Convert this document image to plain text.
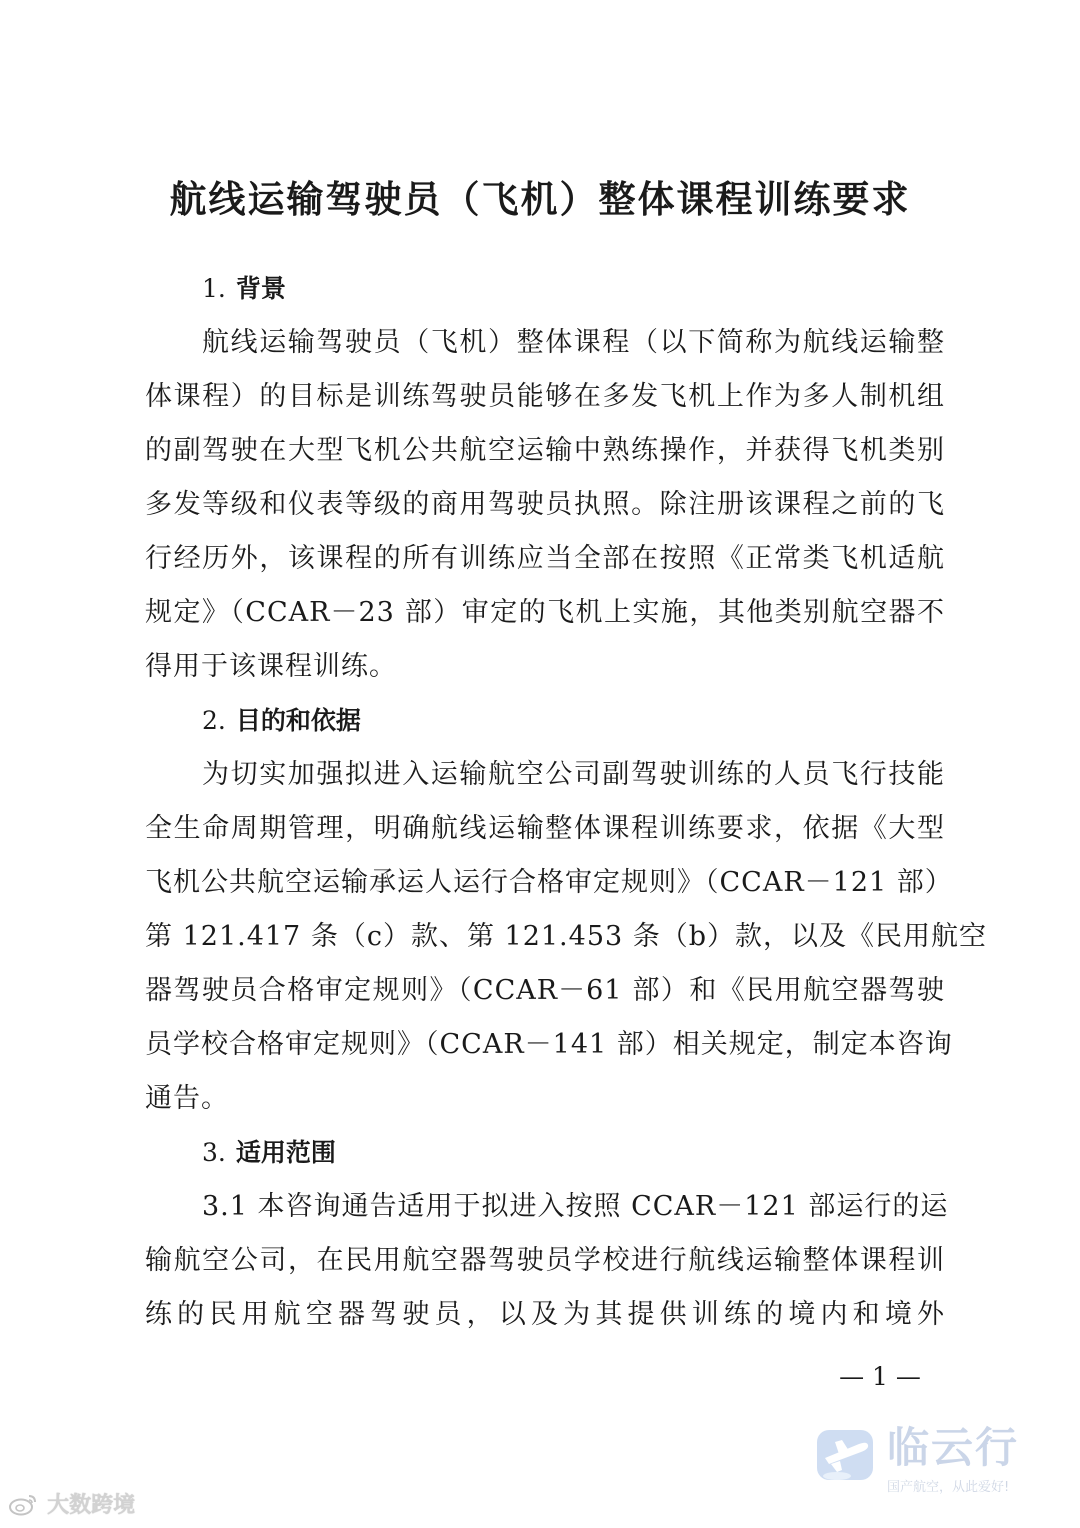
航线运输驾驶员（飞机）整体课程训练要求
1. 背景
航线运输驾驶员（飞机）整体课程（以下简称为航线运输整
体课程）的目标是训练驾驶员能够在多发飞机上作为多人制机组
的副驾驶在大型飞机公共航空运输中熟练操作，并获得飞机类别
多发等级和仪表等级的商用驾驶员执照。除注册该课程之前的飞
行经历外，该课程的所有训练应当全部在按照《正常类飞机适航
规定》（CCAR－23 部）审定的飞机上实施，其他类别航空器不
得用于该课程训练。
2. 目的和依据
为切实加强拟进入运输航空公司副驾驶训练的人员飞行技能
全生命周期管理，明确航线运输整体课程训练要求，依据《大型
飞机公共航空运输承运人运行合格审定规则》（CCAR－121 部）
第 121.417 条（c）款、第 121.453 条（b）款，以及《民用航空
器驾驶员合格审定规则》（CCAR－61 部）和《民用航空器驾驶
员学校合格审定规则》（CCAR－141 部）相关规定，制定本咨询
通告。
3. 适用范围
3.1 本咨询通告适用于拟进入按照 CCAR－121 部运行的运
输航空公司，在民用航空器驾驶员学校进行航线运输整体课程训
练的民用航空器驾驶员，以及为其提供训练的境内和境外
— 1 —
临云行
国产航空，从此爱好!
大数跨境
